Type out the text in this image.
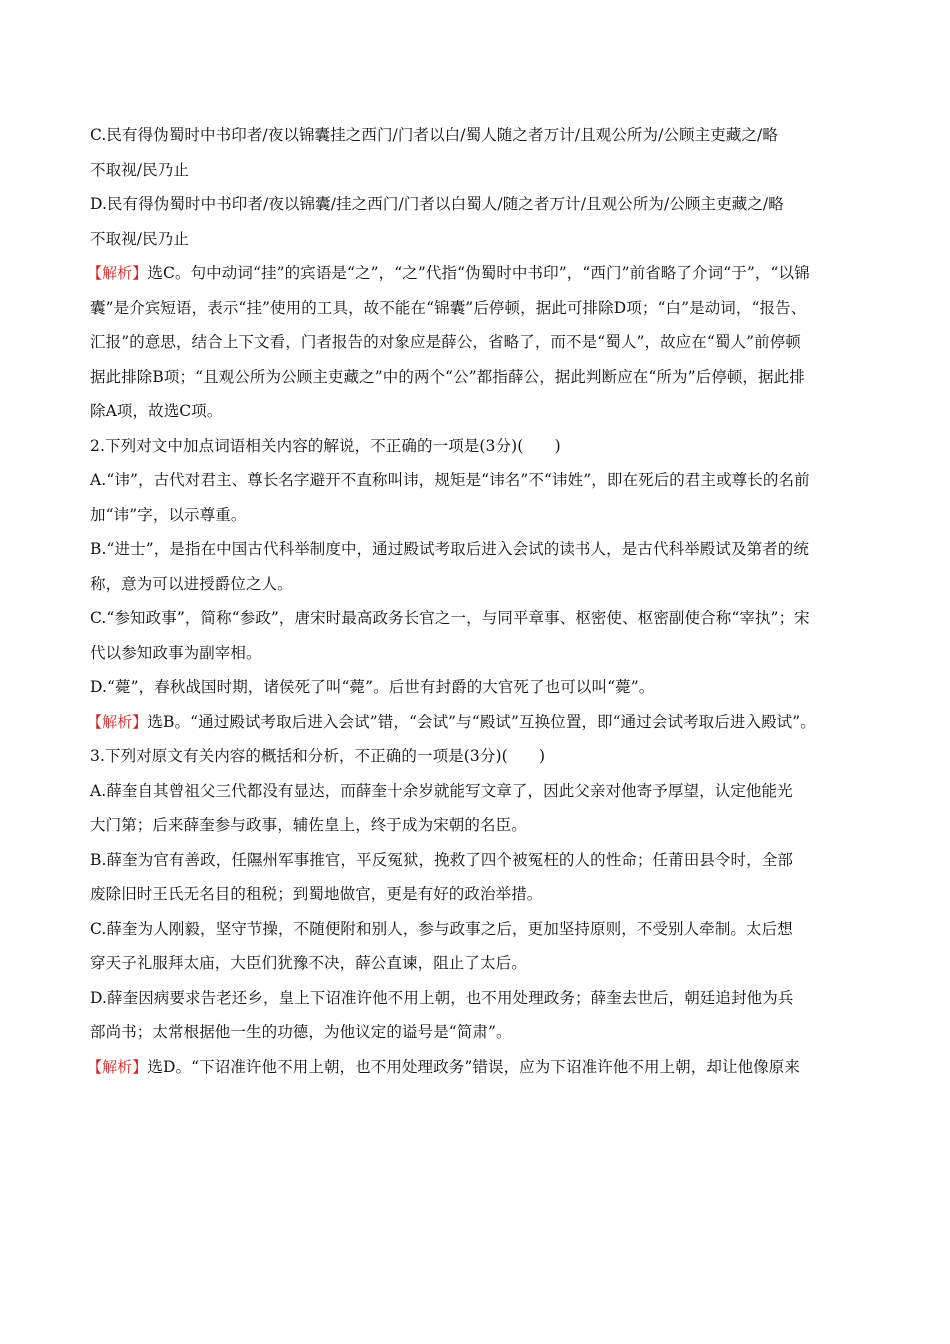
C.民有得伪蜀时中书印者/夜以锦囊挂之西门/门者以白/蜀人随之者万计/且观公所为/公顾主吏藏之/略
不取视/民乃止
D.民有得伪蜀时中书印者/夜以锦囊/挂之西门/门者以白蜀人/随之者万计/且观公所为/公顾主吏藏之/略
不取视/民乃止
【解析】选C。句中动词“挂”的宾语是“之”，“之”代指“伪蜀时中书印”，“西门”前省略了介词“于”，“以锦
囊”是介宾短语，表示“挂”使用的工具，故不能在“锦囊”后停顿，据此可排除D项；“白”是动词，“报告、
汇报”的意思，结合上下文看，门者报告的对象应是薛公，省略了，而不是“蜀人”，故应在“蜀人”前停顿
据此排除B项；“且观公所为公顾主吏藏之”中的两个“公”都指薛公，据此判断应在“所为”后停顿，据此排
除A项，故选C项。
2.下列对文中加点词语相关内容的解说，不正确的一项是(3分)(　　)
A.“讳”，古代对君主、尊长名字避开不直称叫讳，规矩是“讳名”不“讳姓”，即在死后的君主或尊长的名前
加“讳”字，以示尊重。
B.“进士”，是指在中国古代科举制度中，通过殿试考取后进入会试的读书人，是古代科举殿试及第者的统
称，意为可以进授爵位之人。
C.“参知政事”，简称“参政”，唐宋时最高政务长官之一，与同平章事、枢密使、枢密副使合称“宰执”；宋
代以参知政事为副宰相。
D.“薨”，春秋战国时期，诸侯死了叫“薨”。后世有封爵的大官死了也可以叫“薨”。
【解析】选B。“通过殿试考取后进入会试”错，“会试”与“殿试”互换位置，即“通过会试考取后进入殿试”。
3.下列对原文有关内容的概括和分析，不正确的一项是(3分)(　　)
A.薛奎自其曾祖父三代都没有显达，而薛奎十余岁就能写文章了，因此父亲对他寄予厚望，认定他能光
大门第；后来薛奎参与政事，辅佐皇上，终于成为宋朝的名臣。
B.薛奎为官有善政，任隰州军事推官，平反冤狱，挽救了四个被冤枉的人的性命；任莆田县令时，全部
废除旧时王氏无名目的租税；到蜀地做官，更是有好的政治举措。
C.薛奎为人刚毅，坚守节操，不随便附和别人，参与政事之后，更加坚持原则，不受别人牵制。太后想
穿天子礼服拜太庙，大臣们犹豫不决，薛公直谏，阻止了太后。
D.薛奎因病要求告老还乡，皇上下诏准许他不用上朝，也不用处理政务；薛奎去世后，朝廷追封他为兵
部尚书；太常根据他一生的功德，为他议定的谥号是“简肃”。
【解析】选D。“下诏准许他不用上朝，也不用处理政务”错误，应为下诏准许他不用上朝，却让他像原来
